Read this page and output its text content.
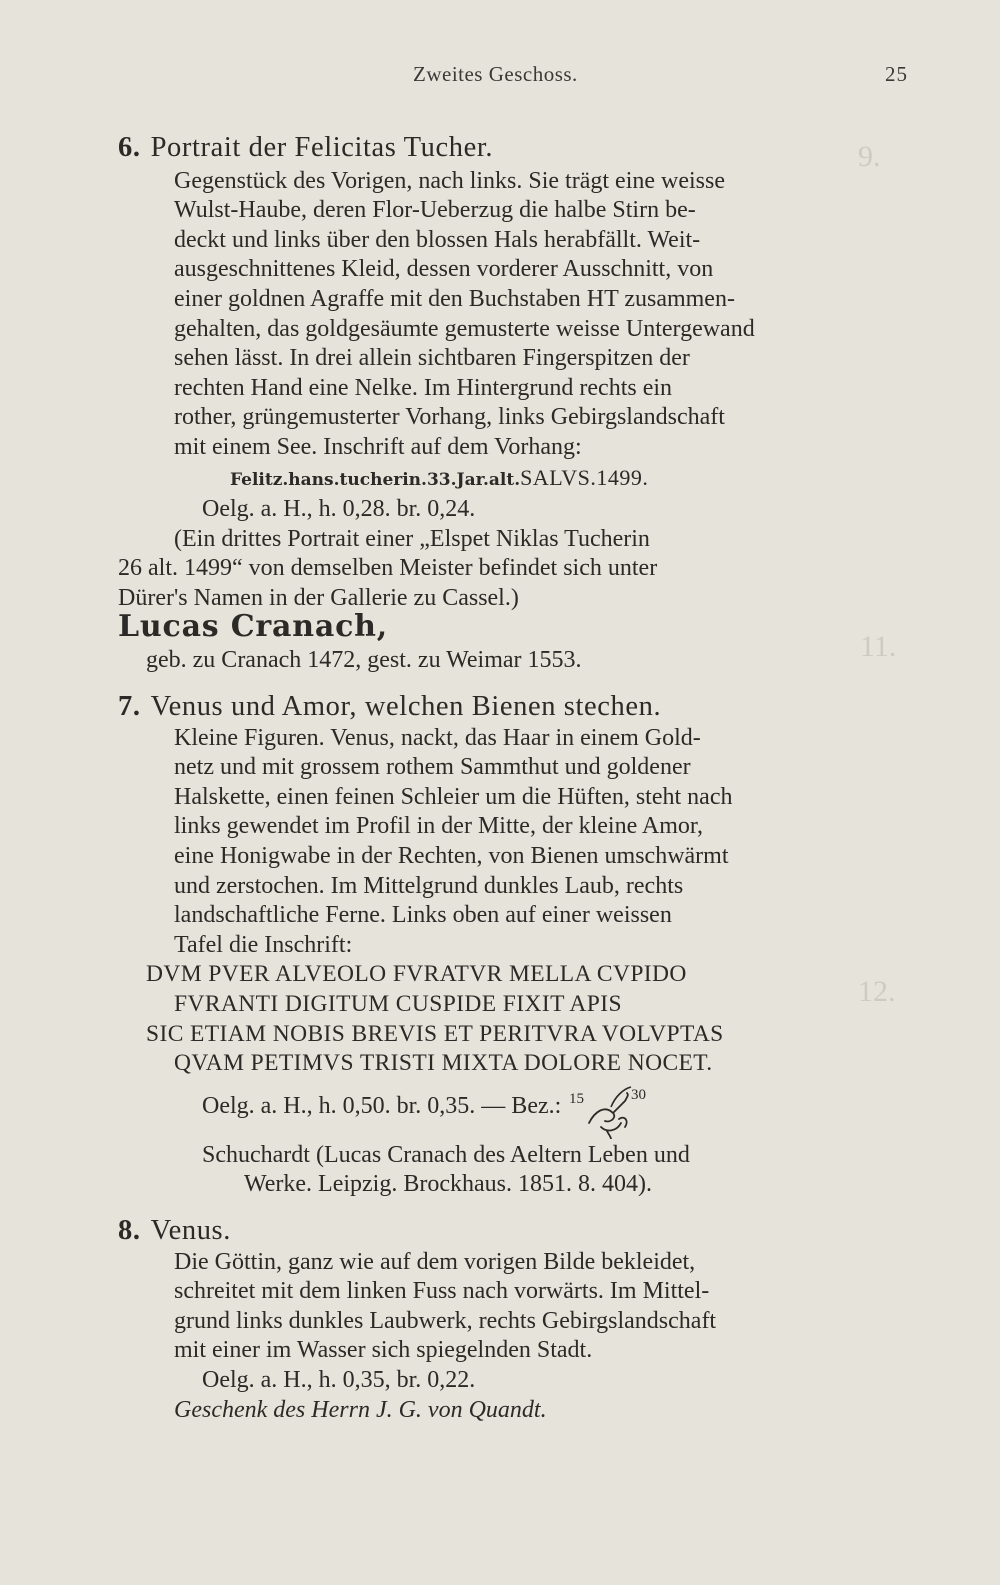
9.
11.
12.
Zweites Geschoss.	25
6. Portrait der Felicitas Tucher.
Gegenstück des Vorigen, nach links. Sie trägt eine weisse
Wulst-Haube, deren Flor-Ueberzug die halbe Stirn be-
deckt und links über den blossen Hals herabfällt. Weit-
ausgeschnittenes Kleid, dessen vorderer Ausschnitt, von
einer goldnen Agraffe mit den Buchstaben HT zusammen-
gehalten, das goldgesäumte gemusterte weisse Untergewand
sehen lässt. In drei allein sichtbaren Fingerspitzen der
rechten Hand eine Nelke. Im Hintergrund rechts ein
rother, grüngemusterter Vorhang, links Gebirgslandschaft
mit einem See. Inschrift auf dem Vorhang:
Felitz.hans.tucherin.33.Jar.alt.SALVS.1499.
Oelg. a. H., h. 0,28. br. 0,24.
(Ein drittes Portrait einer „Elspet Niklas Tucherin
26 alt. 1499“ von demselben Meister befindet sich unter
Dürer's Namen in der Gallerie zu Cassel.)
Lucas Cranach,
geb. zu Cranach 1472, gest. zu Weimar 1553.
7. Venus und Amor, welchen Bienen stechen.
Kleine Figuren. Venus, nackt, das Haar in einem Gold-
netz und mit grossem rothem Sammthut und goldener
Halskette, einen feinen Schleier um die Hüften, steht nach
links gewendet im Profil in der Mitte, der kleine Amor,
eine Honigwabe in der Rechten, von Bienen umschwärmt
und zerstochen. Im Mittelgrund dunkles Laub, rechts
landschaftliche Ferne. Links oben auf einer weissen
Tafel die Inschrift:
DVM PVER ALVEOLO FVRATVR MELLA CVPIDO
FVRANTI DIGITUM CUSPIDE FIXIT APIS
SIC ETIAM NOBIS BREVIS ET PERITVRA VOLVPTAS
QVAM PETIMVS TRISTI MIXTA DOLORE NOCET.
Oelg. a. H., h. 0,50. br. 0,35. — Bez.: 15	30
Schuchardt (Lucas Cranach des Aeltern Leben und
Werke. Leipzig. Brockhaus. 1851. 8. 404).
8. Venus.
Die Göttin, ganz wie auf dem vorigen Bilde bekleidet,
schreitet mit dem linken Fuss nach vorwärts. Im Mittel-
grund links dunkles Laubwerk, rechts Gebirgslandschaft
mit einer im Wasser sich spiegelnden Stadt.
Oelg. a. H., h. 0,35, br. 0,22.
Geschenk des Herrn J. G. von Quandt.
